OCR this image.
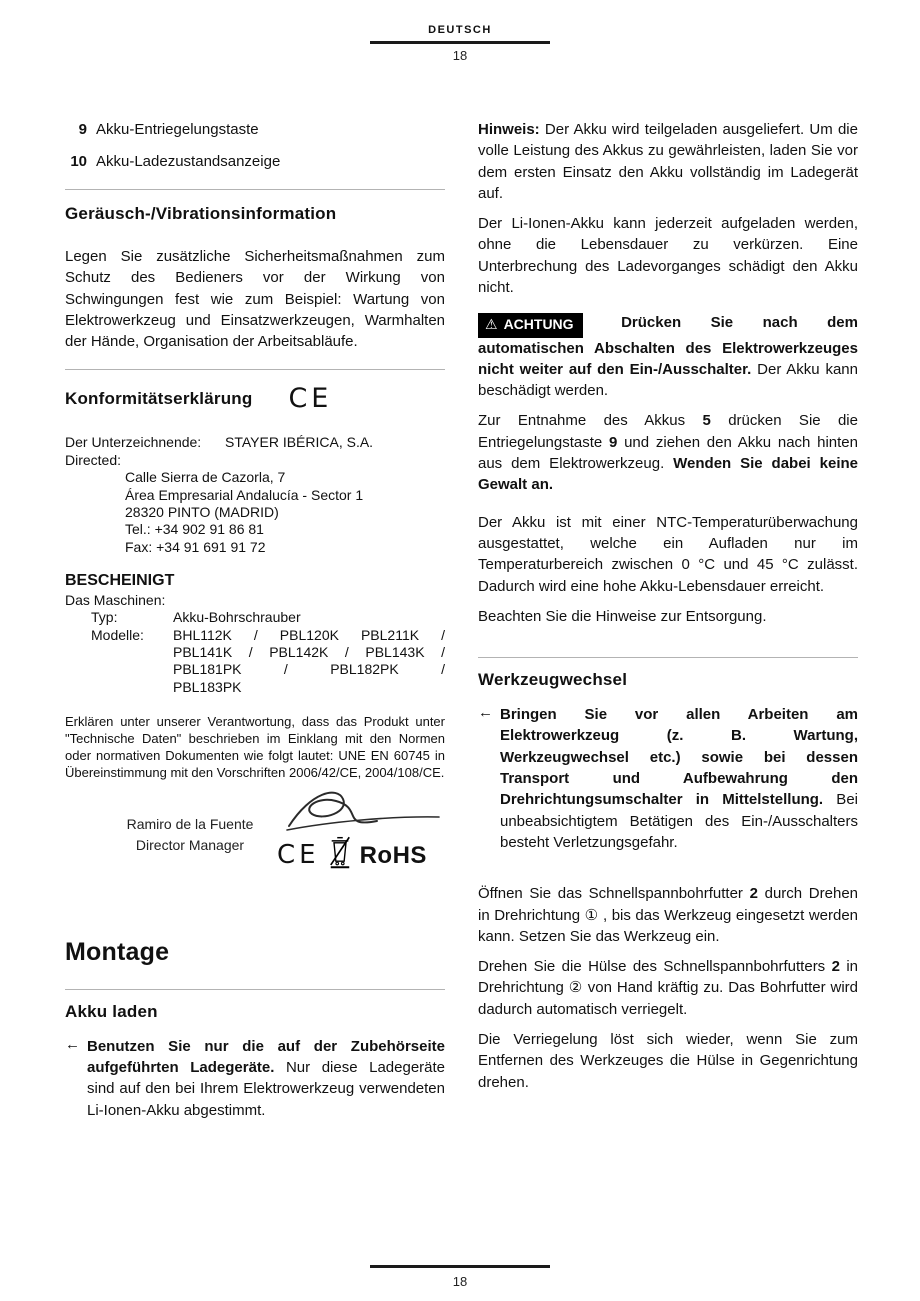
DEUTSCH
18
9 Akku-Entriegelungstaste
10 Akku-Ladezustandsanzeige
Geräusch-/Vibrationsinformation

Legen Sie zusätzliche Sicherheitsmaßnahmen zum Schutz des Bedieners vor der Wirkung von Schwingungen fest wie zum Beispiel: Wartung von Elektrowerkzeug und Einsatzwerkzeugen, Warmhalten der Hände, Organisation der Arbeitsabläufe.

Konformitätserklärung CE
Der Unterzeichnende:	STAYER IBÉRICA, S.A.
Directed:
Calle Sierra de Cazorla, 7
Área Empresarial Andalucía - Sector 1
28320 PINTO (MADRID)
Tel.: +34 902 91 86 81
Fax: +34 91 691 91 72
BESCHEINIGT
Das Maschinen:
Typ:	Akku-Bohrschrauber
Modelle:	BHL112K / PBL120K PBL211K /
PBL141K / PBL142K / PBL143K /
PBL181PK / PBL182PK /
PBL183PK
Erklären unter unserer Verantwortung, dass das Produkt unter "Technische Daten" beschrieben im Einklang mit den Normen oder normativen Dokumenten wie folgt lautet: UNE EN 60745 in Übereinstimmung mit den Vorschriften 2006/42/CE, 2004/108/CE.
Ramiro de la Fuente
Director Manager	CE RoHS
Montage
Akku laden
← Benutzen Sie nur die auf der Zubehörseite aufgeführten Ladegeräte. Nur diese Ladegeräte sind auf den bei Ihrem Elektrowerkzeug verwendeten Li-Ionen-Akku abgestimmt.

Hinweis: Der Akku wird teilgeladen ausgeliefert. Um die volle Leistung des Akkus zu gewährleisten, laden Sie vor dem ersten Einsatz den Akku vollständig im Ladegerät auf.

Der Li-Ionen-Akku kann jederzeit aufgeladen werden, ohne die Lebensdauer zu verkürzen. Eine Unterbrechung des Ladevorganges schädigt den Akku nicht.

⚠ ACHTUNG	Drücken Sie nach dem automatischen Abschalten des Elektrowerkzeuges nicht weiter auf den Ein-/Ausschalter. Der Akku kann beschädigt werden.

Zur Entnahme des Akkus 5 drücken Sie die Entriegelungstaste 9 und ziehen den Akku nach hinten aus dem Elektrowerkzeug. Wenden Sie dabei keine Gewalt an.

Der Akku ist mit einer NTC-Temperaturüberwachung ausgestattet, welche ein Aufladen nur im Temperaturbereich zwischen 0 °C und 45 °C zulässt. Dadurch wird eine hohe Akku-Lebensdauer erreicht.

Beachten Sie die Hinweise zur Entsorgung.

Werkzeugwechsel
← Bringen Sie vor allen Arbeiten am Elektrowerkzeug (z. B. Wartung, Werkzeugwechsel etc.) sowie bei dessen Transport und Aufbewahrung den Drehrichtungsumschalter in Mittelstellung. Bei unbeabsichtigtem Betätigen des Ein-/Ausschalters besteht Verletzungsgefahr.

Öffnen Sie das Schnellspannbohrfutter 2 durch Drehen in Drehrichtung ① , bis das Werkzeug eingesetzt werden kann. Setzen Sie das Werkzeug ein.

Drehen Sie die Hülse des Schnellspannbohrfutters 2 in Drehrichtung ② von Hand kräftig zu. Das Bohrfutter wird dadurch automatisch verriegelt.

Die Verriegelung löst sich wieder, wenn Sie zum Entfernen des Werkzeuges die Hülse in Gegenrichtung drehen.

18
